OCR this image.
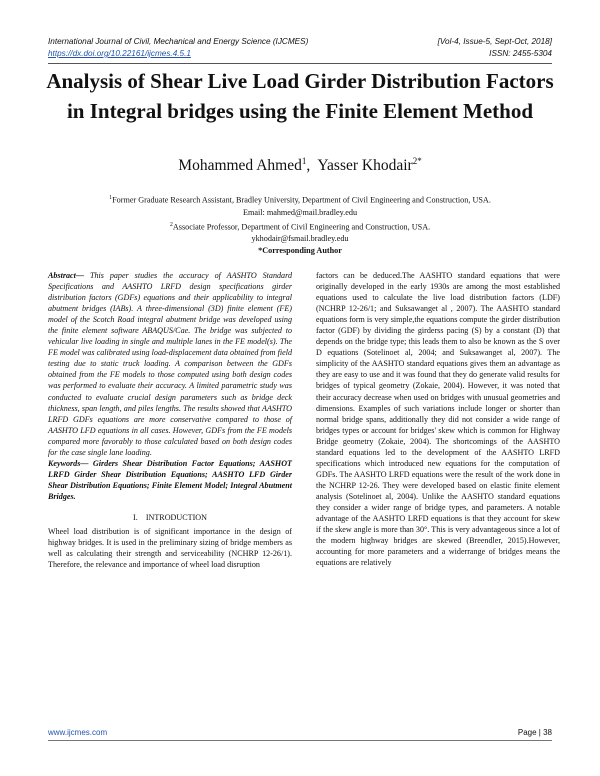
International Journal of Civil, Mechanical and Energy Science (IJCMES)	[Vol-4, Issue-5, Sept-Oct, 2018]
https://dx.doi.org/10.22161/ijcmes.4.5.1	ISSN: 2455-5304
Analysis of Shear Live Load Girder Distribution Factors in Integral bridges using the Finite Element Method
Mohammed Ahmed$^1$,  Yasser Khodair$^{2*}$
$^1$Former Graduate Research Assistant, Bradley University, Department of Civil Engineering and Construction, USA.
Email: mahmed@mail.bradley.edu
$^2$Associate Professor, Department of Civil Engineering and Construction, USA.
ykhodair@fsmail.bradley.edu
*Corresponding Author

Abstract— This paper studies the accuracy of AASHTO Standard Specifications and AASHTO LRFD design specifications girder distribution factors (GDFs) equations and their applicability to integral abutment bridges (IABs). A three-dimensional (3D) finite element (FE) model of the Scotch Road integral abutment bridge was developed using the finite element software ABAQUS/Cae. The bridge was subjected to vehicular live loading in single and multiple lanes in the FE model(s). The FE model was calibrated using load-displacement data obtained from field testing due to static truck loading. A comparison between the GDFs obtained from the FE models to those computed using both design codes was performed to evaluate their accuracy. A limited parametric study was conducted to evaluate crucial design parameters such as bridge deck thickness, span length, and piles lengths. The results showed that AASHTO LRFD GDFs equations are more conservative compared to those of AASHTO LFD equations in all cases. However, GDFs from the FE models compared more favorably to those calculated based on both design codes for the case single lane loading.

Keywords— Girders Shear Distribution Factor Equations; AASHOT LRFD Girder Shear Distribution Equations; AASHTO LFD Girder Shear Distribution Equations; Finite Element Model; Integral Abutment Bridges.

I. INTRODUCTION

Wheel load distribution is of significant importance in the design of highway bridges. It is used in the preliminary sizing of bridge members as well as calculating their strength and serviceability (NCHRP 12-26/1). Therefore, the relevance and importance of wheel load disruption

factors can be deduced.The AASHTO standard equations that were originally developed in the early 1930s are among the most established equations used to calculate the live load distribution factors (LDF) (NCHRP 12-26/1; and Suksawanget al , 2007). The AASHTO standard equations form is very simple,the equations compute the girder distribution factor (GDF) by dividing the girderss pacing (S) by a constant (D) that depends on the bridge type; this leads them to also be known as the S over D equations (Sotelinoet al, 2004; and Suksawanget al, 2007). The simplicity of the AASHTO standard equations gives them an advantage as they are easy to use and it was found that they do generate valid results for bridges of typical geometry (Zokaie, 2004). However, it was noted that their accuracy decrease when used on bridges with unusual geometries and dimensions. Examples of such variations include longer or shorter than normal bridge spans, additionally they did not consider a wide range of bridges types or account for bridges' skew which is common for Highway Bridge geometry (Zokaie, 2004). The shortcomings of the AASHTO standard equations led to the development of the AASHTO LRFD specifications which introduced new equations for the computation of GDFs. The AASHTO LRFD equations were the result of the work done in the NCHRP 12-26. They were developed based on elastic finite element analysis (Sotelinoet al, 2004). Unlike the AASHTO standard equations they consider a wider range of bridge types, and parameters. A notable advantage of the AASHTO LRFD equations is that they account for skew if the skew angle is more than 30°. This is very advantageous since a lot of the modern highway bridges are skewed (Breendler, 2015).However, accounting for more parameters and a widerrange of bridges means the equations are relatively

www.ijcmes.com	Page | 38
